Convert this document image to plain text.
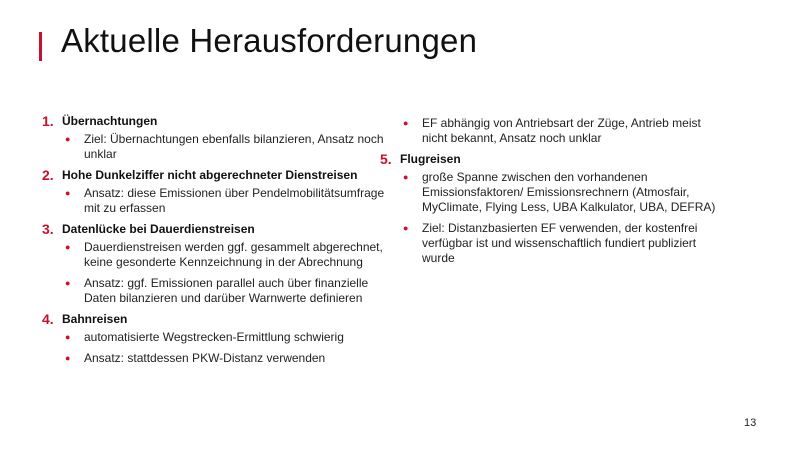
Aktuelle Herausforderungen
1. Übernachtungen
●	Ziel: Übernachtungen ebenfalls bilanzieren, Ansatz noch unklar
2. Hohe Dunkelziffer nicht abgerechneter Dienstreisen
●	Ansatz: diese Emissionen über Pendelmobilitätsumfrage mit zu erfassen
3. Datenlücke bei Dauerdienstreisen
●	Dauerdienstreisen werden ggf. gesammelt abgerechnet, keine gesonderte Kennzeichnung in der Abrechnung
●	Ansatz: ggf. Emissionen parallel auch über finanzielle Daten bilanzieren und darüber Warnwerte definieren
4. Bahnreisen
●	automatisierte Wegstrecken-Ermittlung schwierig
●	Ansatz: stattdessen PKW-Distanz verwenden
●	EF abhängig von Antriebsart der Züge, Antrieb meist nicht bekannt, Ansatz noch unklar
5. Flugreisen
●	große Spanne zwischen den vorhandenen Emissionsfaktoren/ Emissionsrechnern (Atmosfair, MyClimate, Flying Less, UBA Kalkulator, UBA, DEFRA)
●	Ziel: Distanzbasierten EF verwenden, der kostenfrei verfügbar ist und wissenschaftlich fundiert publiziert wurde
13
